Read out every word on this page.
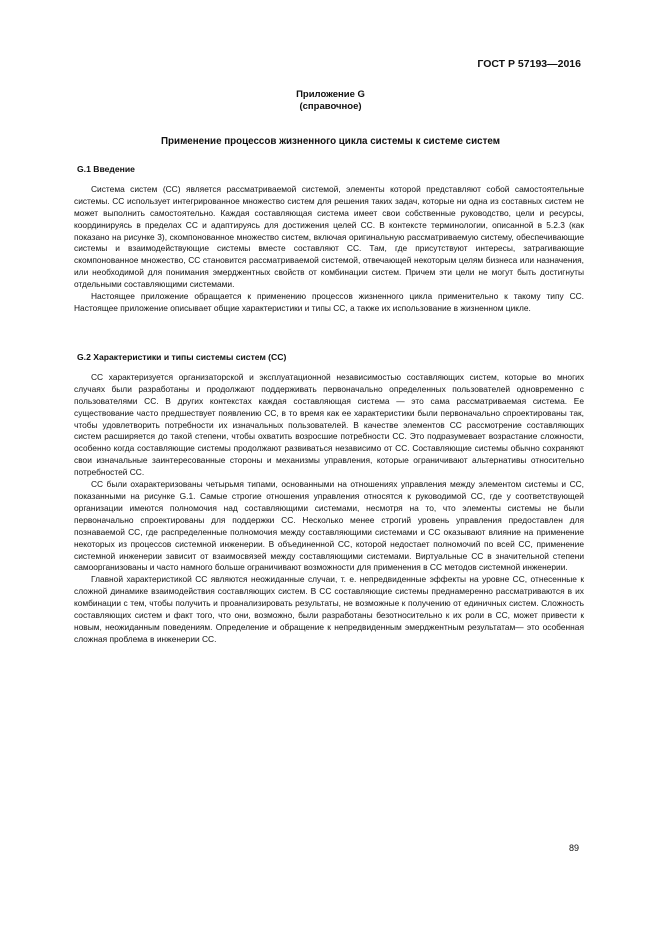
ГОСТ Р 57193—2016
Приложение G
(справочное)
Применение процессов жизненного цикла системы к системе систем
G.1 Введение

Система систем (СС) является рассматриваемой системой, элементы которой представляют собой самостоятельные системы. СС использует интегрированное множество систем для решения таких задач, которые ни одна из составных систем не может выполнить самостоятельно. Каждая составляющая система имеет свои собственные руководство, цели и ресурсы, координируясь в пределах СС и адаптируясь для достижения целей СС. В контексте терминологии, описанной в 5.2.3 (как показано на рисунке 3), скомпонованное множество систем, включая оригинальную рассматриваемую систему, обеспечивающие системы и взаимодействующие системы вместе составляют СС. Там, где присутствуют интересы, затрагивающие скомпонованное множество, СС становится рассматриваемой системой, отвечающей некоторым целям бизнеса или назначения, или необходимой для понимания эмерджентных свойств от комбинации систем. Причем эти цели не могут быть достигнуты отдельными составляющими системами.

Настоящее приложение обращается к применению процессов жизненного цикла применительно к такому типу СС. Настоящее приложение описывает общие характеристики и типы СС, а также их использование в жизненном цикле.

G.2 Характеристики и типы системы систем (СС)

СС характеризуется организаторской и эксплуатационной независимостью составляющих систем, которые во многих случаях были разработаны и продолжают поддерживать первоначально определенных пользователей одновременно с пользователями СС. В других контекстах каждая составляющая система — это сама рассматриваемая система. Ее существование часто предшествует появлению СС, в то время как ее характеристики были первоначально спроектированы так, чтобы удовлетворить потребности их изначальных пользователей. В качестве элементов СС рассмотрение составляющих систем расширяется до такой степени, чтобы охватить возросшие потребности СС. Это подразумевает возрастание сложности, особенно когда составляющие системы продолжают развиваться независимо от СС. Составляющие системы обычно сохраняют свои изначальные заинтересованные стороны и механизмы управления, которые ограничивают альтернативы относительно потребностей СС.

СС были охарактеризованы четырьмя типами, основанными на отношениях управления между элементом системы и СС, показанными на рисунке G.1. Самые строгие отношения управления относятся к руководимой СС, где у соответствующей организации имеются полномочия над составляющими системами, несмотря на то, что элементы системы не были первоначально спроектированы для поддержки СС. Несколько менее строгий уровень управления предоставлен для познаваемой СС, где распределенные полномочия между составляющими системами и СС оказывают влияние на применение некоторых из процессов системной инженерии. В объединенной СС, которой недостает полномочий по всей СС, применение системной инженерии зависит от взаимосвязей между составляющими системами. Виртуальные СС в значительной степени самоорганизованы и часто намного больше ограничивают возможности для применения в СС методов системной инженерии.

Главной характеристикой СС являются неожиданные случаи, т. е. непредвиденные эффекты на уровне СС, отнесенные к сложной динамике взаимодействия составляющих систем. В СС составляющие системы преднамеренно рассматриваются в их комбинации с тем, чтобы получить и проанализировать результаты, не возможные к получению от единичных систем. Сложность составляющих систем и факт того, что они, возможно, были разработаны безотносительно к их роли в СС, может привести к новым, неожиданным поведениям. Определение и обращение к непредвиденным эмерджентным результатам— это особенная сложная проблема в инженерии СС.

89
